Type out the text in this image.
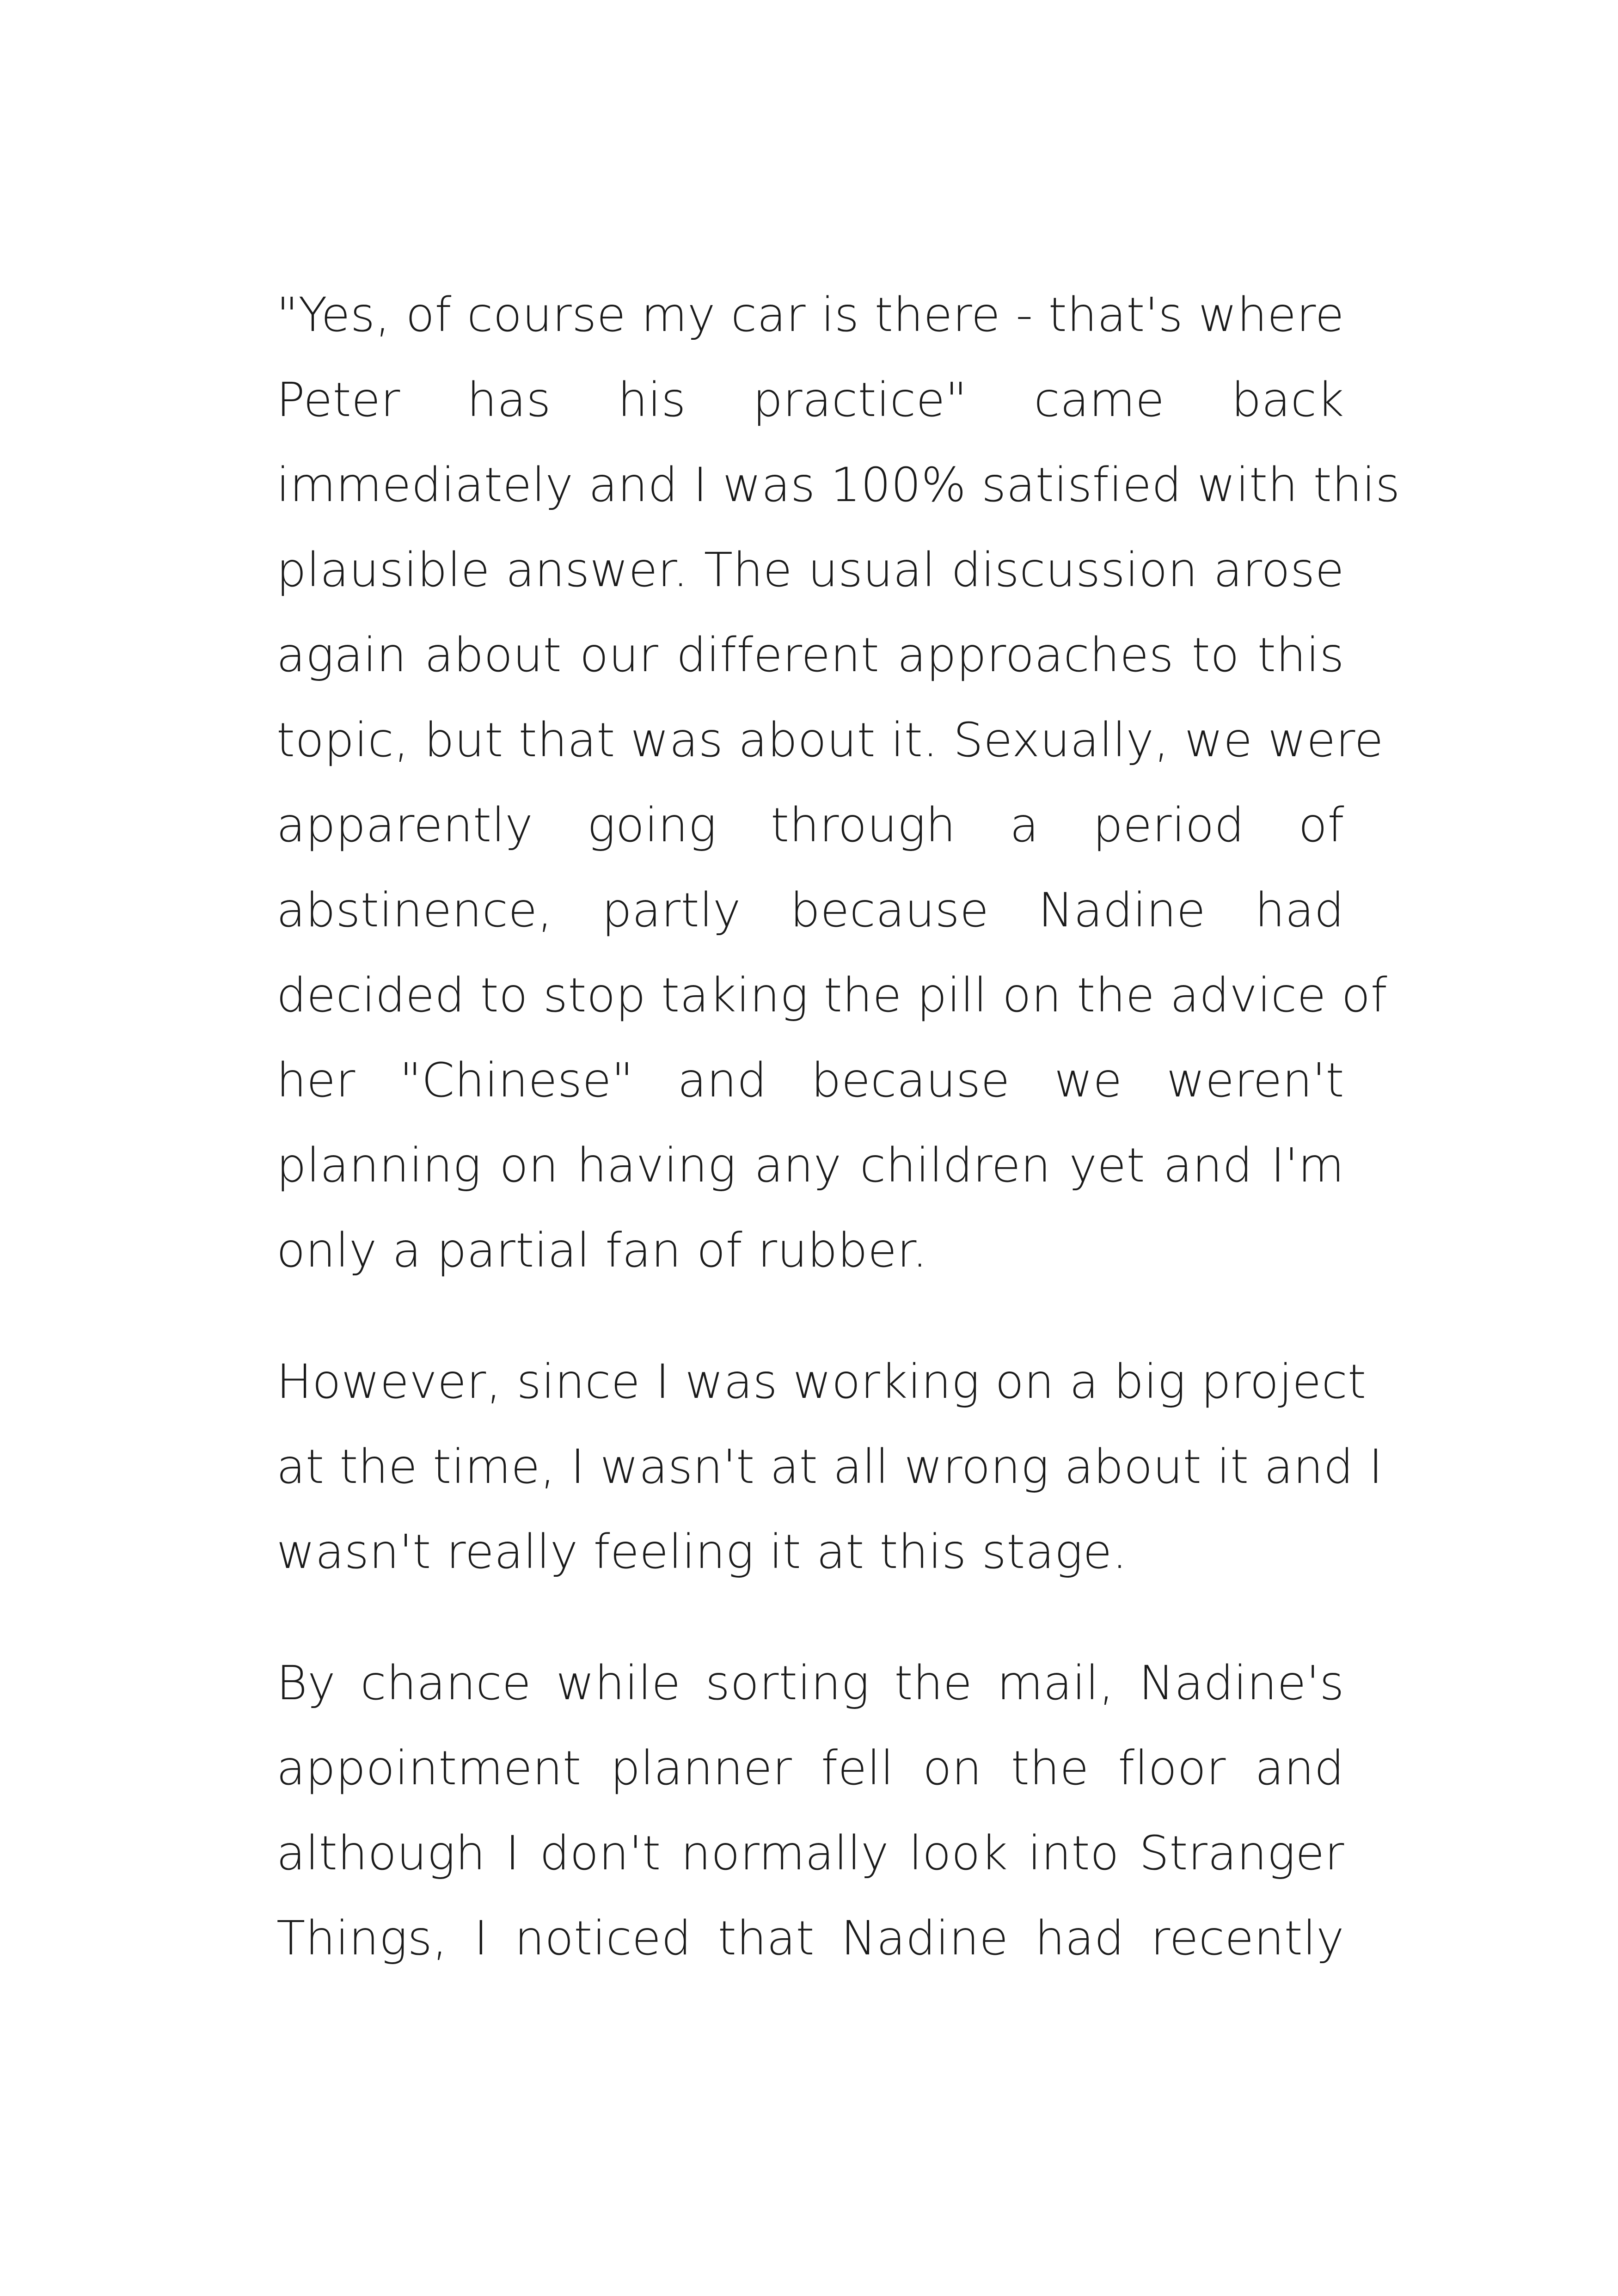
"Yes, of course my car is there - that's where
Peter has his practice" came back
immediately and I was 100% satisfied with this
plausible answer. The usual discussion arose
again about our different approaches to this
topic, but that was about it. Sexually, we were
apparently going through a period of
abstinence, partly because Nadine had
decided to stop taking the pill on the advice of
her "Chinese" and because we weren't
planning on having any children yet and I'm
only a partial fan of rubber.
However, since I was working on a big project
at the time, I wasn't at all wrong about it and I
wasn't really feeling it at this stage.
By chance while sorting the mail, Nadine's
appointment planner fell on the floor and
although I don't normally look into Stranger
Things, I noticed that Nadine had recently
